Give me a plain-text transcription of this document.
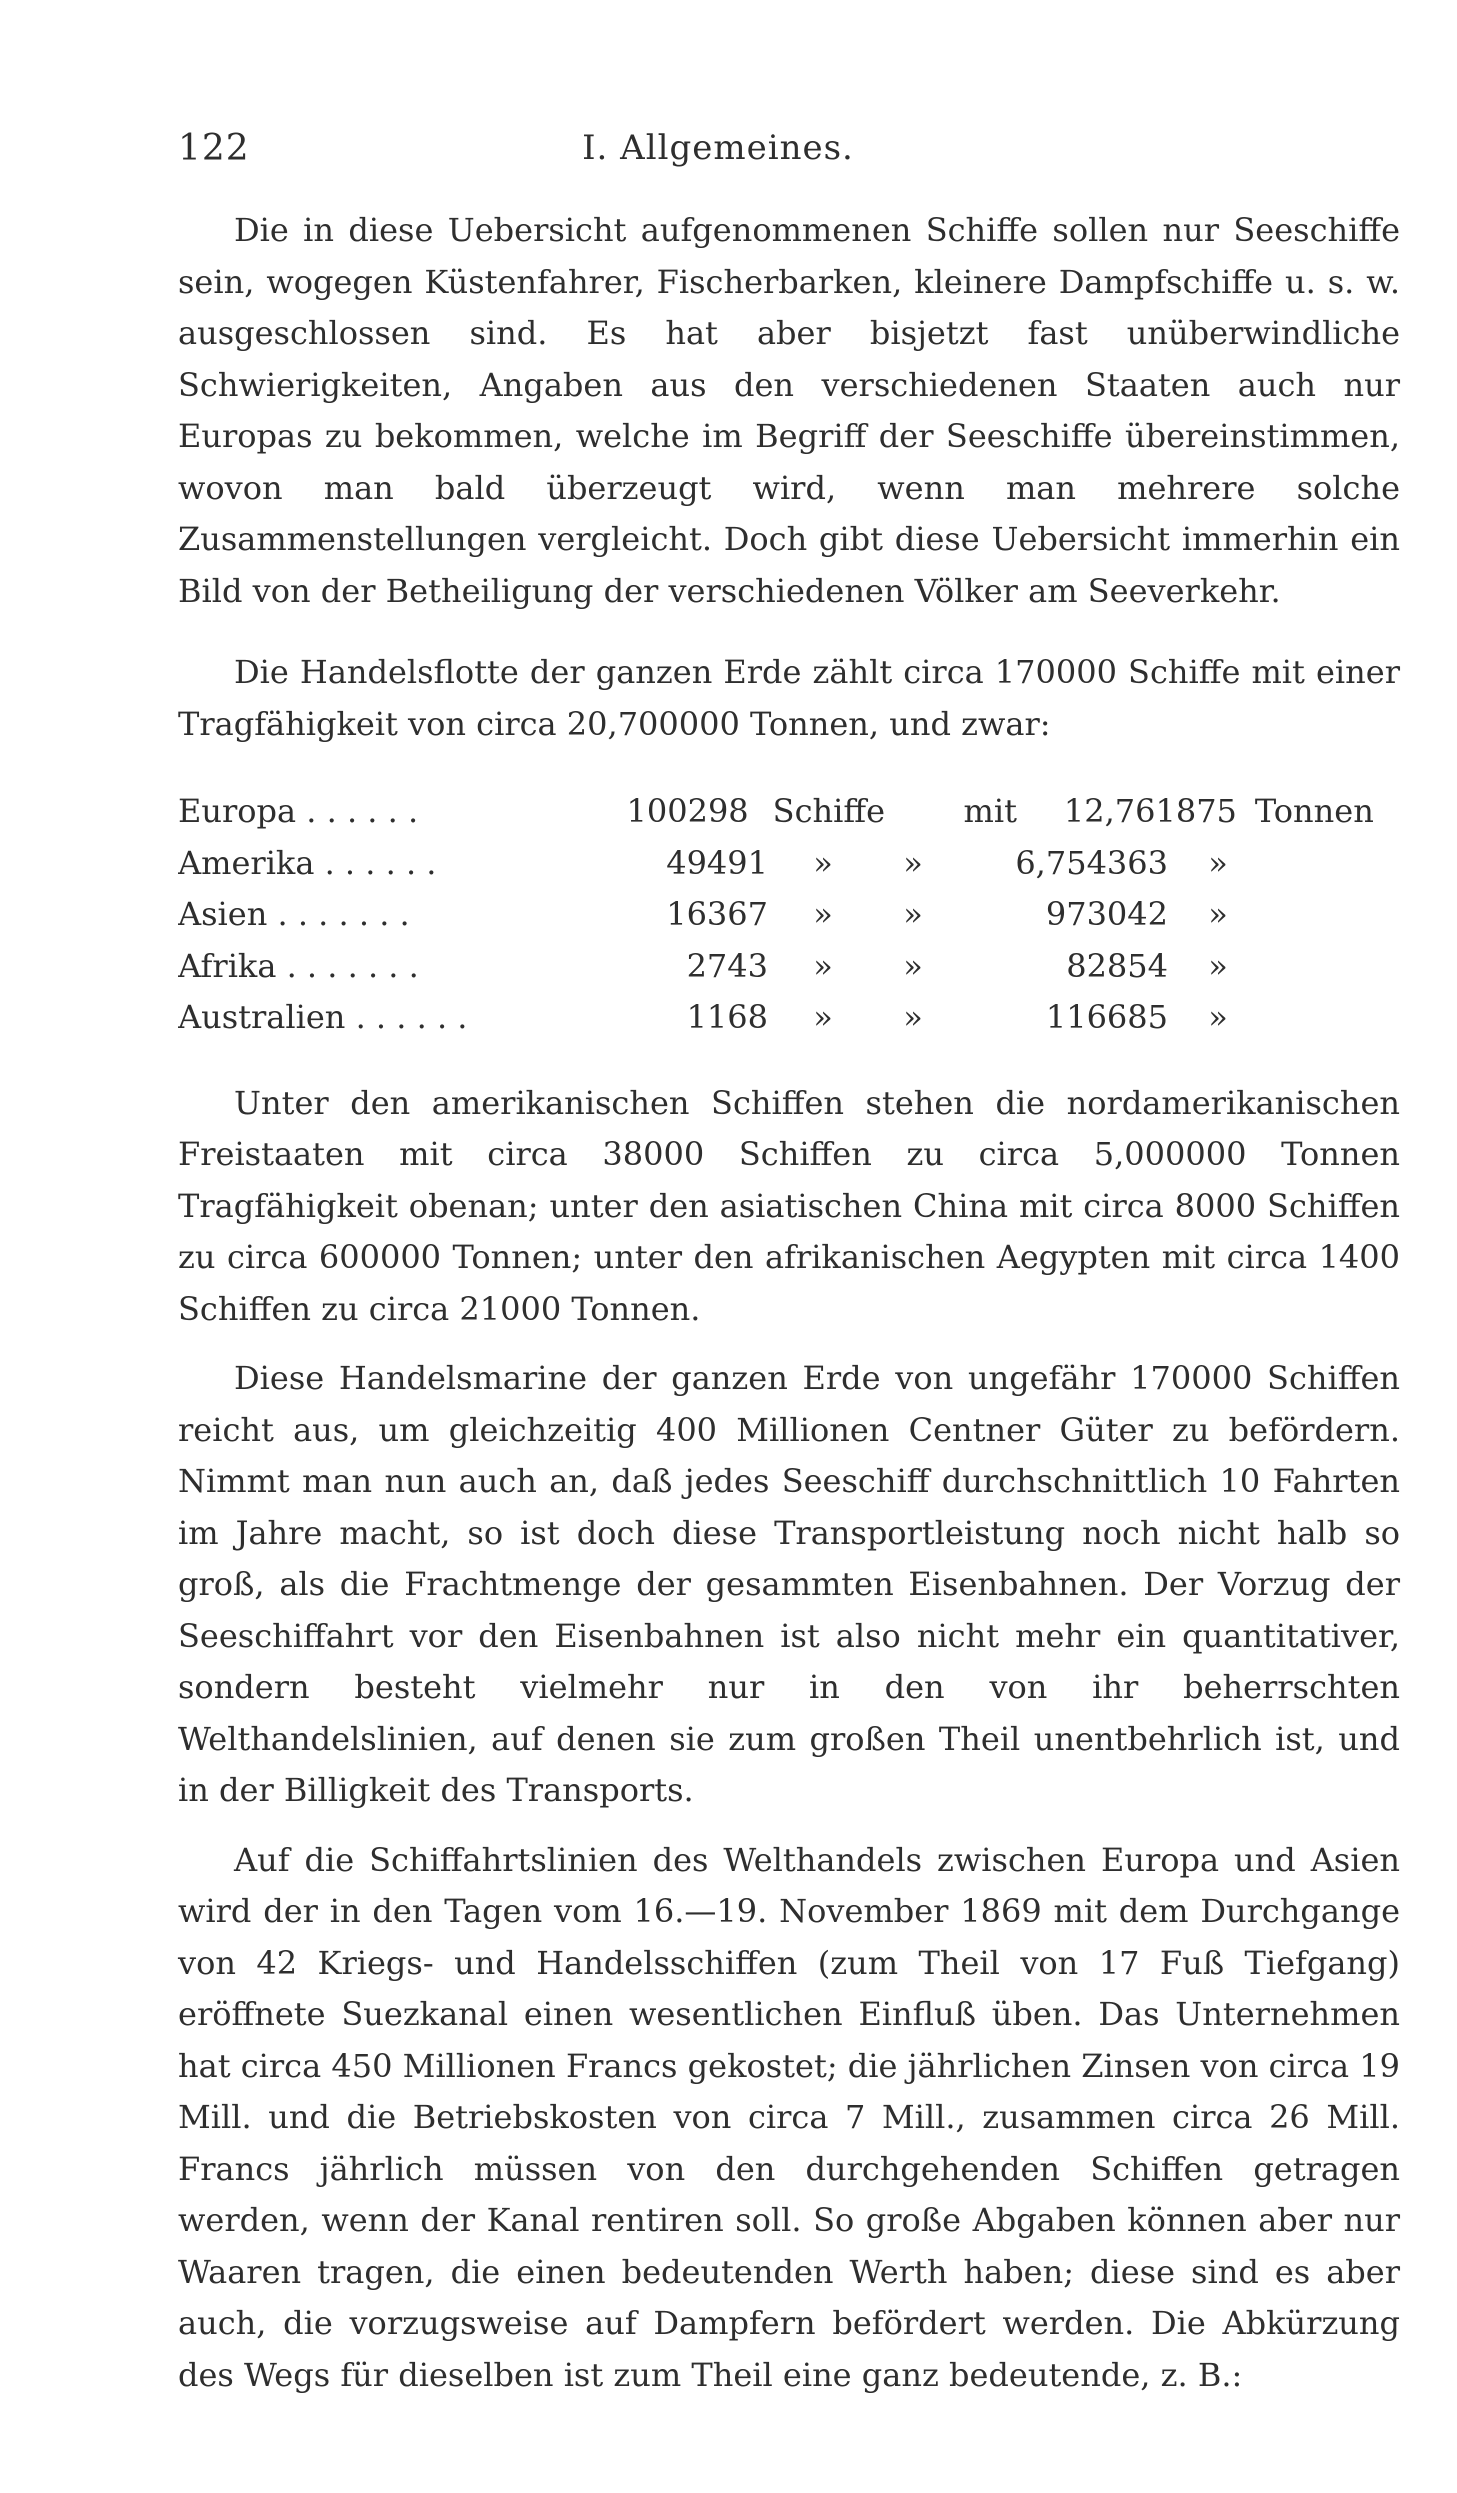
122	I. Allgemeines.

Die in diese Uebersicht aufgenommenen Schiffe sollen nur Seeschiffe sein, wogegen Küstenfahrer, Fischerbarken, kleinere Dampfschiffe u. s. w. ausgeschlossen sind. Es hat aber bisjetzt fast unüberwindliche Schwierigkeiten, Angaben aus den verschiedenen Staaten auch nur Europas zu bekommen, welche im Begriff der Seeschiffe übereinstimmen, wovon man bald überzeugt wird, wenn man mehrere solche Zusammenstellungen vergleicht. Doch gibt diese Uebersicht immerhin ein Bild von der Betheiligung der verschiedenen Völker am Seeverkehr.

Die Handelsflotte der ganzen Erde zählt circa 170000 Schiffe mit einer Tragfähigkeit von circa 20,700000 Tonnen, und zwar:

Europa . . . . . .	100298 Schiffe	mit	12,761875 Tonnen
Amerika . . . . . .	49491	»	»	6,754363	»
Asien . . . . . . .	16367	»	»	973042	»
Afrika . . . . . . .	2743	»	»	82854	»
Australien . . . . . .	1168	»	»	116685	»

Unter den amerikanischen Schiffen stehen die nordamerikanischen Freistaaten mit circa 38000 Schiffen zu circa 5,000000 Tonnen Tragfähigkeit obenan; unter den asiatischen China mit circa 8000 Schiffen zu circa 600000 Tonnen; unter den afrikanischen Aegypten mit circa 1400 Schiffen zu circa 21000 Tonnen.

Diese Handelsmarine der ganzen Erde von ungefähr 170000 Schiffen reicht aus, um gleichzeitig 400 Millionen Centner Güter zu befördern. Nimmt man nun auch an, daß jedes Seeschiff durchschnittlich 10 Fahrten im Jahre macht, so ist doch diese Transportleistung noch nicht halb so groß, als die Frachtmenge der gesammten Eisenbahnen. Der Vorzug der Seeschiffahrt vor den Eisenbahnen ist also nicht mehr ein quantitativer, sondern besteht vielmehr nur in den von ihr beherrschten Welthandelslinien, auf denen sie zum großen Theil unentbehrlich ist, und in der Billigkeit des Transports.

Auf die Schiffahrtslinien des Welthandels zwischen Europa und Asien wird der in den Tagen vom 16.—19. November 1869 mit dem Durchgange von 42 Kriegs- und Handelsschiffen (zum Theil von 17 Fuß Tiefgang) eröffnete Suezkanal einen wesentlichen Einfluß üben. Das Unternehmen hat circa 450 Millionen Francs gekostet; die jährlichen Zinsen von circa 19 Mill. und die Betriebskosten von circa 7 Mill., zusammen circa 26 Mill. Francs jährlich müssen von den durchgehenden Schiffen getragen werden, wenn der Kanal rentiren soll. So große Abgaben können aber nur Waaren tragen, die einen bedeutenden Werth haben; diese sind es aber auch, die vorzugsweise auf Dampfern befördert werden. Die Abkürzung des Wegs für dieselben ist zum Theil eine ganz bedeutende, z. B.:
